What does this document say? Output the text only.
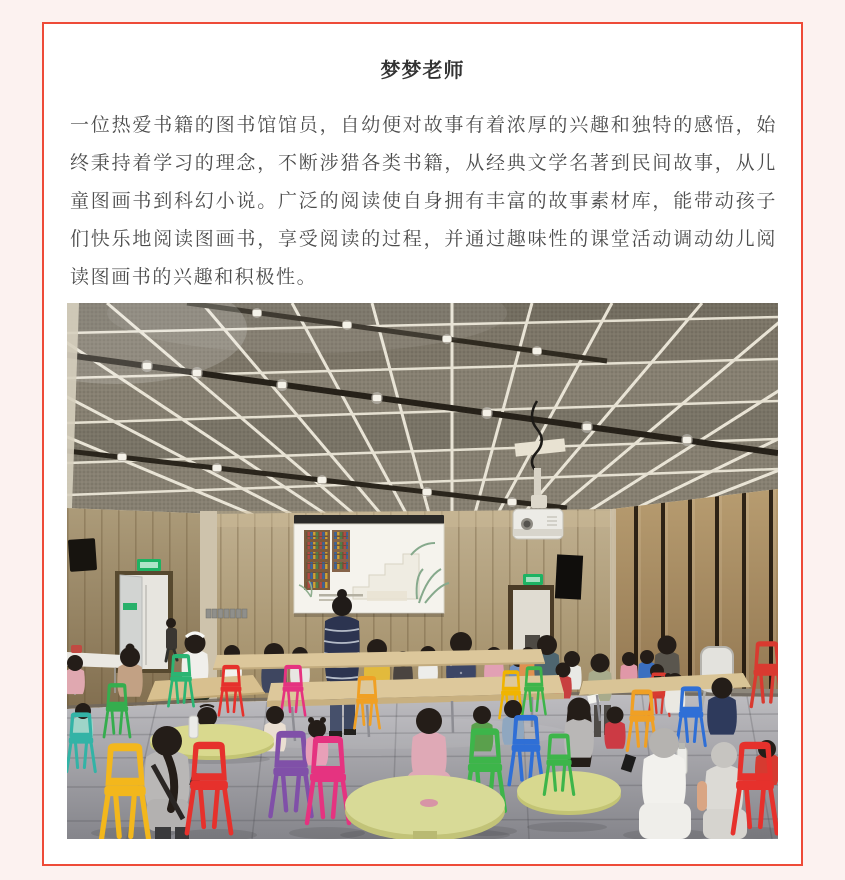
梦梦老师

一位热爱书籍的图书馆馆员，自幼便对故事有着浓厚的兴趣和独特的感悟，始终秉持着学习的理念，不断涉猎各类书籍，从经典文学名著到民间故事，从儿童图画书到科幻小说。广泛的阅读使自身拥有丰富的故事素材库，能带动孩子们快乐地阅读图画书，享受阅读的过程，并通过趣味性的课堂活动调动幼儿阅读图画书的兴趣和积极性。
